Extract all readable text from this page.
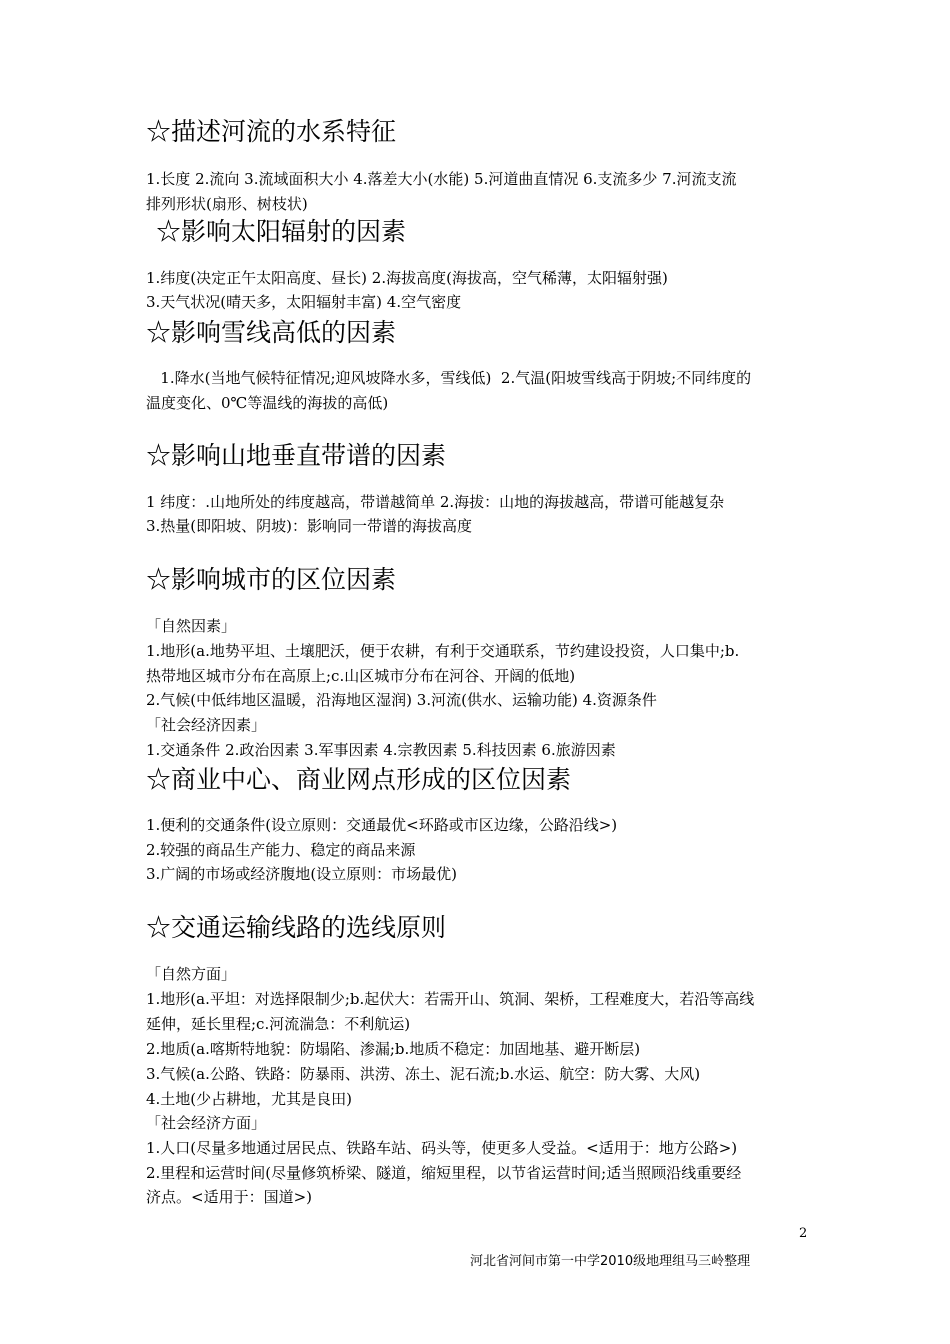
☆描述河流的水系特征

1.长度 2.流向 3.流域面积大小 4.落差大小(水能) 5.河道曲直情况 6.支流多少 7.河流支流

排列形状(扇形、树枝状)

☆影响太阳辐射的因素

1.纬度(决定正午太阳高度、昼长) 2.海拔高度(海拔高，空气稀薄，太阳辐射强)

3.天气状况(晴天多，太阳辐射丰富) 4.空气密度

☆影响雪线高低的因素

1.降水(当地气候特征情况;迎风坡降水多，雪线低)  2.气温(阳坡雪线高于阴坡;不同纬度的

温度变化、0℃等温线的海拔的高低)

☆影响山地垂直带谱的因素

1 纬度：.山地所处的纬度越高，带谱越简单 2.海拔：山地的海拔越高，带谱可能越复杂

3.热量(即阳坡、阴坡)：影响同一带谱的海拔高度

☆影响城市的区位因素

「自然因素」

1.地形(a.地势平坦、土壤肥沃，便于农耕，有利于交通联系，节约建设投资，人口集中;b.

热带地区城市分布在高原上;c.山区城市分布在河谷、开阔的低地)

2.气候(中低纬地区温暖，沿海地区湿润) 3.河流(供水、运输功能) 4.资源条件

「社会经济因素」

1.交通条件 2.政治因素 3.军事因素 4.宗教因素 5.科技因素 6.旅游因素

☆商业中心、商业网点形成的区位因素

1.便利的交通条件(设立原则：交通最优<环路或市区边缘，公路沿线>)

2.较强的商品生产能力、稳定的商品来源

3.广阔的市场或经济腹地(设立原则：市场最优)

☆交通运输线路的选线原则

「自然方面」

1.地形(a.平坦：对选择限制少;b.起伏大：若需开山、筑洞、架桥，工程难度大，若沿等高线

延伸，延长里程;c.河流湍急：不利航运)

2.地质(a.喀斯特地貌：防塌陷、渗漏;b.地质不稳定：加固地基、避开断层)

3.气候(a.公路、铁路：防暴雨、洪涝、冻土、泥石流;b.水运、航空：防大雾、大风)

4.土地(少占耕地，尤其是良田)

「社会经济方面」

1.人口(尽量多地通过居民点、铁路车站、码头等，使更多人受益。<适用于：地方公路>)

2.里程和运营时间(尽量修筑桥梁、隧道，缩短里程，以节省运营时间;适当照顾沿线重要经

济点。<适用于：国道>)

2
河北省河间市第一中学2010级地理组马三岭整理
